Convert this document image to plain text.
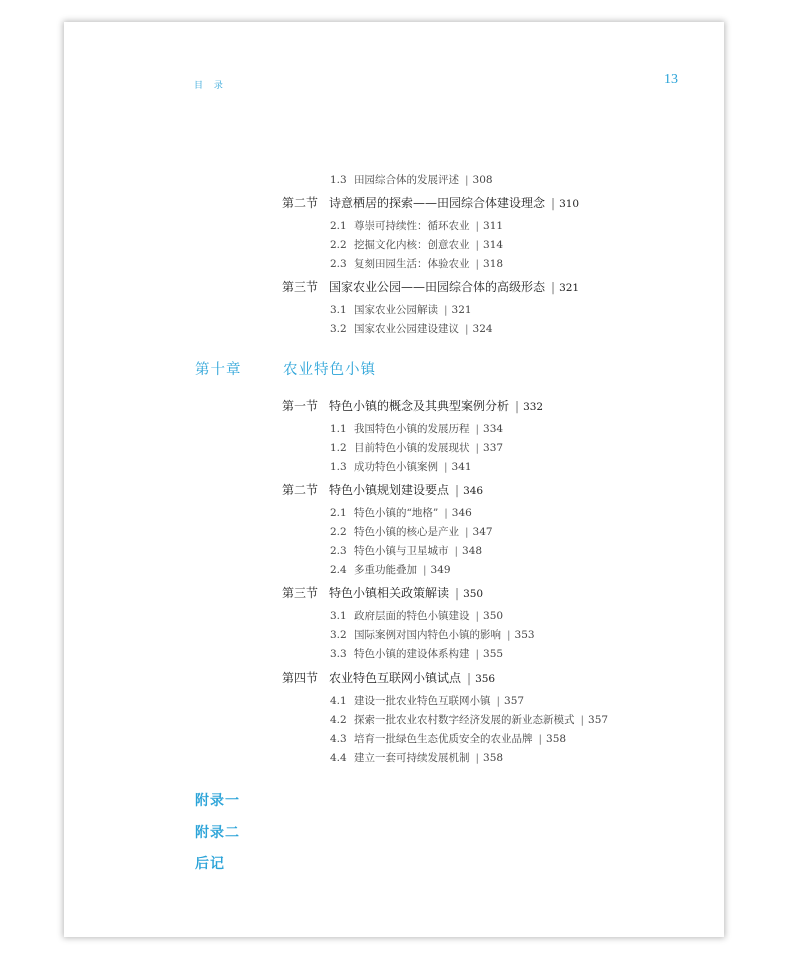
目 录	13
1.3 田园综合体的发展评述 | 308
第二节 诗意栖居的探索——田园综合体建设理念 | 310
2.1 尊崇可持续性：循环农业 | 311
2.2 挖掘文化内核：创意农业 | 314
2.3 复刻田园生活：体验农业 | 318
第三节 国家农业公园——田园综合体的高级形态 | 321
3.1 国家农业公园解读 | 321
3.2 国家农业公园建设建议 | 324
第十章	农业特色小镇
第一节 特色小镇的概念及其典型案例分析 | 332
1.1 我国特色小镇的发展历程 | 334
1.2 目前特色小镇的发展现状 | 337
1.3 成功特色小镇案例 | 341
第二节 特色小镇规划建设要点 | 346
2.1 特色小镇的“地格” | 346
2.2 特色小镇的核心是产业 | 347
2.3 特色小镇与卫星城市 | 348
2.4 多重功能叠加 | 349
第三节 特色小镇相关政策解读 | 350
3.1 政府层面的特色小镇建设 | 350
3.2 国际案例对国内特色小镇的影响 | 353
3.3 特色小镇的建设体系构建 | 355
第四节 农业特色互联网小镇试点 | 356
4.1 建设一批农业特色互联网小镇 | 357
4.2 探索一批农业农村数字经济发展的新业态新模式 | 357
4.3 培育一批绿色生态优质安全的农业品牌 | 358
4.4 建立一套可持续发展机制 | 358
附录一
附录二
后记
